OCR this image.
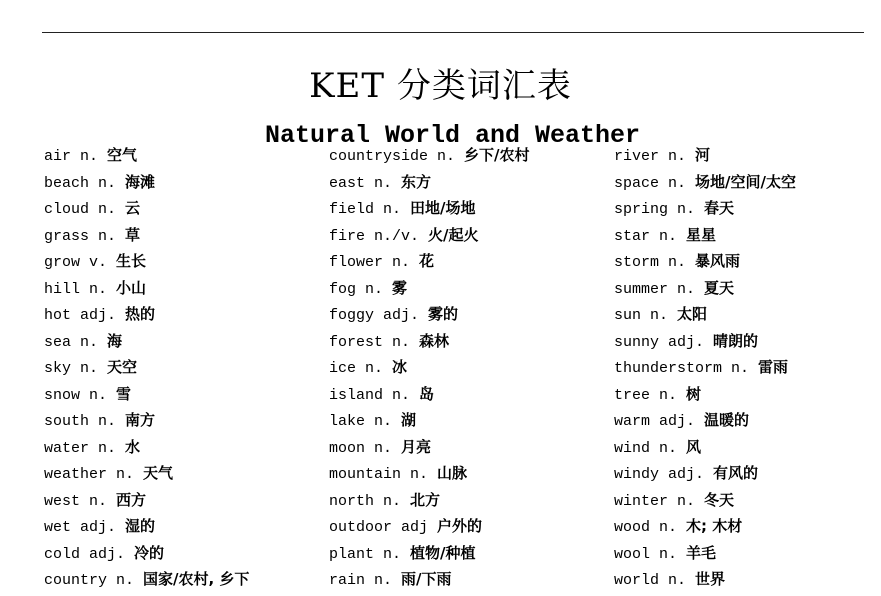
KET 分类词汇表
Natural World and Weather
air n. 空气
beach n. 海滩
cloud n. 云
grass n. 草
grow v. 生长
hill n. 小山
hot adj. 热的
sea n. 海
sky n. 天空
snow n. 雪
south n. 南方
water n. 水
weather n. 天气
west n. 西方
wet adj. 湿的
cold adj. 冷的
country n. 国家/农村, 乡下
countryside n. 乡下/农村
east n. 东方
field n. 田地/场地
fire n./v. 火/起火
flower n. 花
fog n. 雾
foggy adj. 雾的
forest n. 森林
ice n. 冰
island n. 岛
lake n. 湖
moon n. 月亮
mountain n. 山脉
north n. 北方
outdoor adj 户外的
plant n. 植物/种植
rain n. 雨/下雨
river n. 河
space n. 场地/空间/太空
spring n. 春天
star n. 星星
storm n. 暴风雨
summer n. 夏天
sun n. 太阳
sunny adj. 晴朗的
thunderstorm n. 雷雨
tree n. 树
warm adj. 温暖的
wind n. 风
windy adj. 有风的
winter n. 冬天
wood n. 木; 木材
wool n. 羊毛
world n. 世界
